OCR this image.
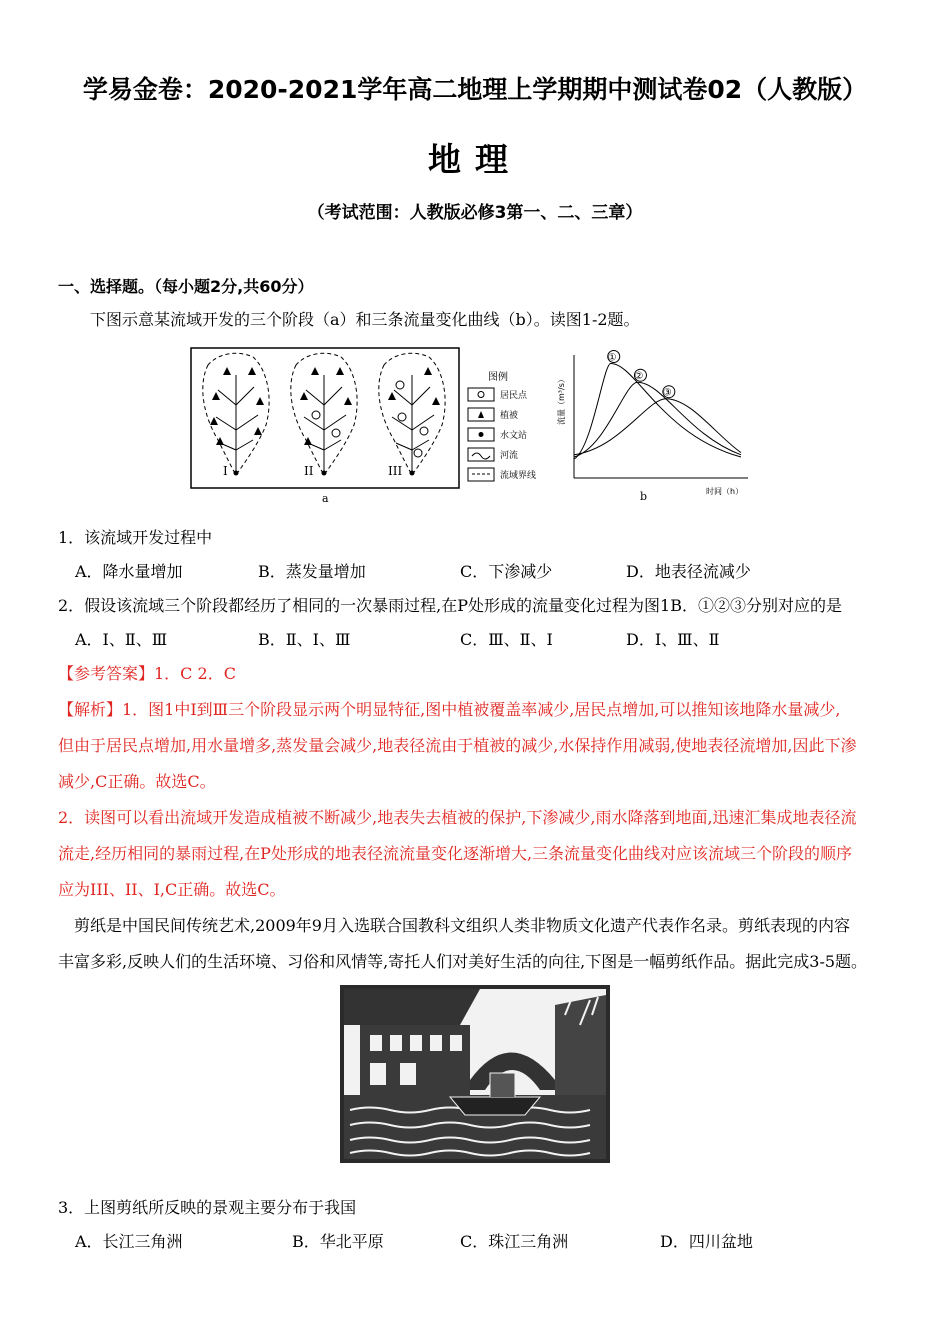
学易金卷：2020-2021学年高二地理上学期期中测试卷02（人教版）
地理
（考试范围：人教版必修3第一、二、三章）
一、选择题。（每小题2分,共60分）
下图示意某流域开发的三个阶段（a）和三条流量变化曲线（b）。读图1-2题。
I	II	III
a
图例
居民点
植被
水文站
河流
流域界线
流量（m³/s）
时间（h）
b
①
②
③
1．该流域开发过程中
A．降水量增加	B．蒸发量增加	C．下渗减少	D．地表径流减少
2．假设该流域三个阶段都经历了相同的一次暴雨过程,在P处形成的流量变化过程为图1B．①②③分别对应的是
A．Ⅰ、Ⅱ、Ⅲ	B．Ⅱ、Ⅰ、Ⅲ	C．Ⅲ、Ⅱ、Ⅰ	D．Ⅰ、Ⅲ、Ⅱ
【参考答案】1．C 2．C
【解析】1．图1中Ⅰ到Ⅲ三个阶段显示两个明显特征,图中植被覆盖率减少,居民点增加,可以推知该地降水量减少,
但由于居民点增加,用水量增多,蒸发量会减少,地表径流由于植被的减少,水保持作用减弱,使地表径流增加,因此下渗
减少,C正确。故选C。
2．读图可以看出流域开发造成植被不断减少,地表失去植被的保护,下渗减少,雨水降落到地面,迅速汇集成地表径流
流走,经历相同的暴雨过程,在P处形成的地表径流流量变化逐渐增大,三条流量变化曲线对应该流域三个阶段的顺序
应为III、II、I,C正确。故选C。
剪纸是中国民间传统艺术,2009年9月入选联合国教科文组织人类非物质文化遗产代表作名录。剪纸表现的内容
丰富多彩,反映人们的生活环境、习俗和风情等,寄托人们对美好生活的向往,下图是一幅剪纸作品。据此完成3-5题。
3．上图剪纸所反映的景观主要分布于我国
A．长江三角洲	B．华北平原	C．珠江三角洲	D．四川盆地
